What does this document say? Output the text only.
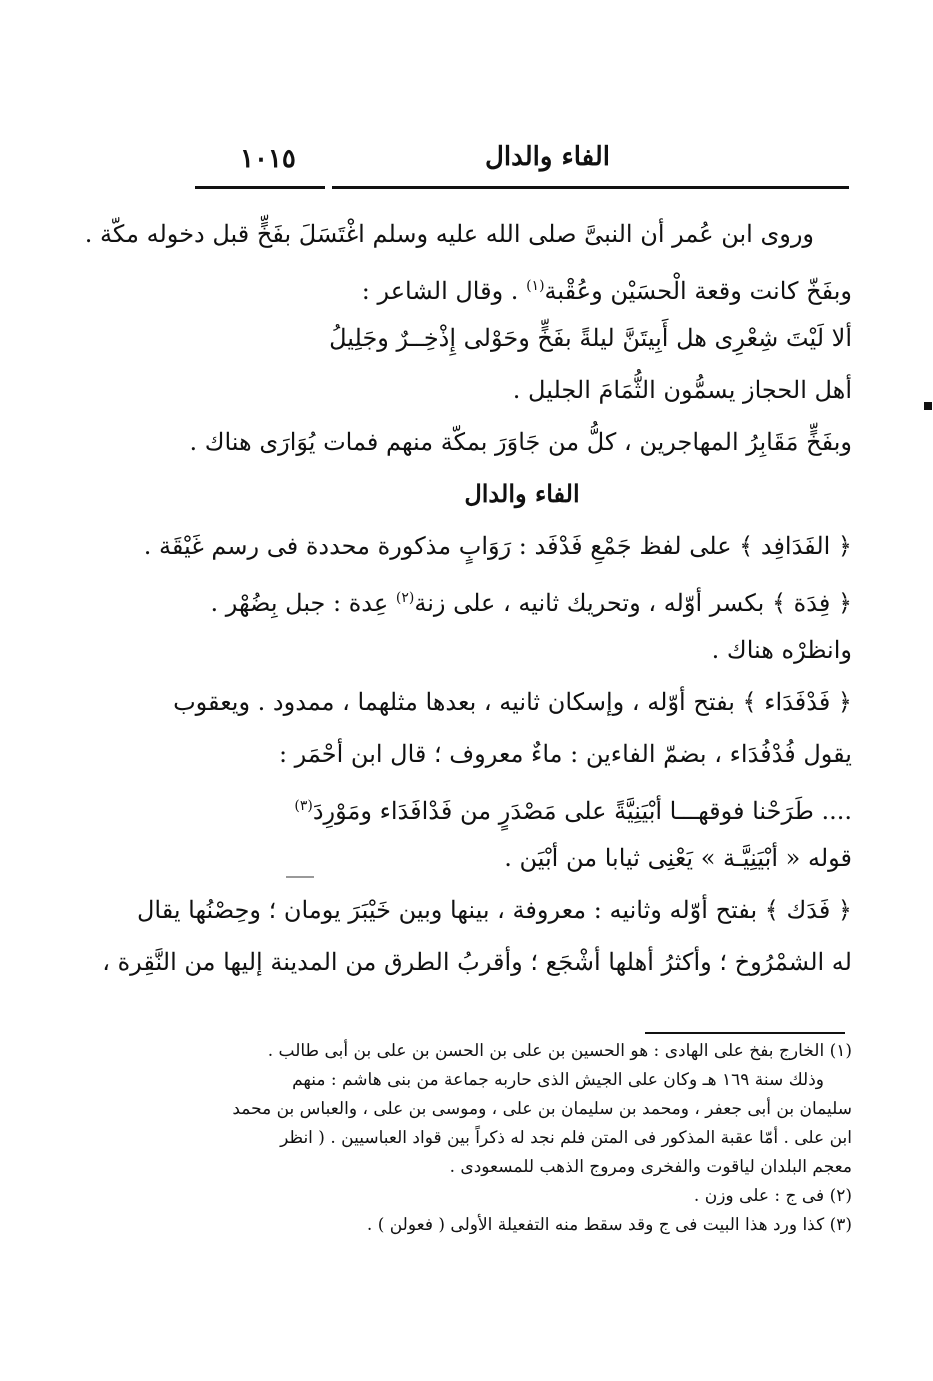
١٠١٥	الفاء والدال
وروى ابن عُمر أن النبىَّ صلى الله عليه وسلم اغْتَسَلَ بفَخٍّ قبل دخوله مكّة .
وبفَخّ كانت وقعة الْحسَيْن وعُقْبة$^{(١)}$ . وقال الشاعر :
ألا لَيْتَ شِعْرِى هل أَبِيتَنَّ ليلةً بفَخٍّ وحَوْلى إِذْخِــرٌ وجَلِيلُ
أهل الحجاز يسمُّون الثُّمَامَ الجليل .
وبفَخٍّ مَقَابِرُ المهاجرين ، كلُّ من جَاوَرَ بمكّة منهم فمات يُوَارَى هناك .
الفاء والدال
﴿ الفَدَافِد ﴾ على لفظ جَمْعِ فَدْفَد : رَوَابٍ مذكورة محددة فى رسم غَيْقَة .
﴿ فِدَة ﴾ بكسر أوّله ، وتحريك ثانيه ، على زنة$^{(٢)}$ عِدة : جبل بِضُهْر .
وانظرْه هناك .
﴿ فَدْفَدَاء ﴾ بفتح أوّله ، وإسكان ثانيه ، بعدها مثلهما ، ممدود . ويعقوب
يقول فُدْفُدَاء ، بضمّ الفاءين : ماءٌ معروف ؛ قال ابن أحْمَر :
.... طَرَحْنا فوقهـــا أبْيَنِيَّةً على مَصْدَرٍ من فَدْافَدَاء ومَوْرِدَ$^{(٣)}$
قوله « أبْيَنِيَّـة » يَعْنِى ثيابا من أبْيَن .
﴿ فَدَك ﴾ بفتح أوّله وثانيه : معروفة ، بينها وبين خَيْبَرَ يومان ؛ وحِصْنُها يقال
له الشمْرُوخ ؛ وأكثرُ أهلها أشْجَع ؛ وأقربُ الطرق من المدينة إليها من النَّقِرة ،
(١) الخارج بفخ على الهادى : هو الحسين بن على بن الحسن بن على بن أبى طالب .
وذلك سنة ١٦٩ هـ وكان على الجيش الذى حاربه جماعة من بنى هاشم : منهم
سليمان بن أبى جعفر ، ومحمد بن سليمان بن على ، وموسى بن على ، والعباس بن محمد
ابن على . أمّا عقبة المذكور فى المتن فلم نجد له ذكراً بين قواد العباسيين . ( انظر
معجم البلدان لياقوت والفخرى ومروج الذهب للمسعودى .
(٢) فى ج : على وزن .
(٣) كذا ورد هذا البيت فى ج وقد سقط منه التفعيلة الأولى ( فعولن ) .
